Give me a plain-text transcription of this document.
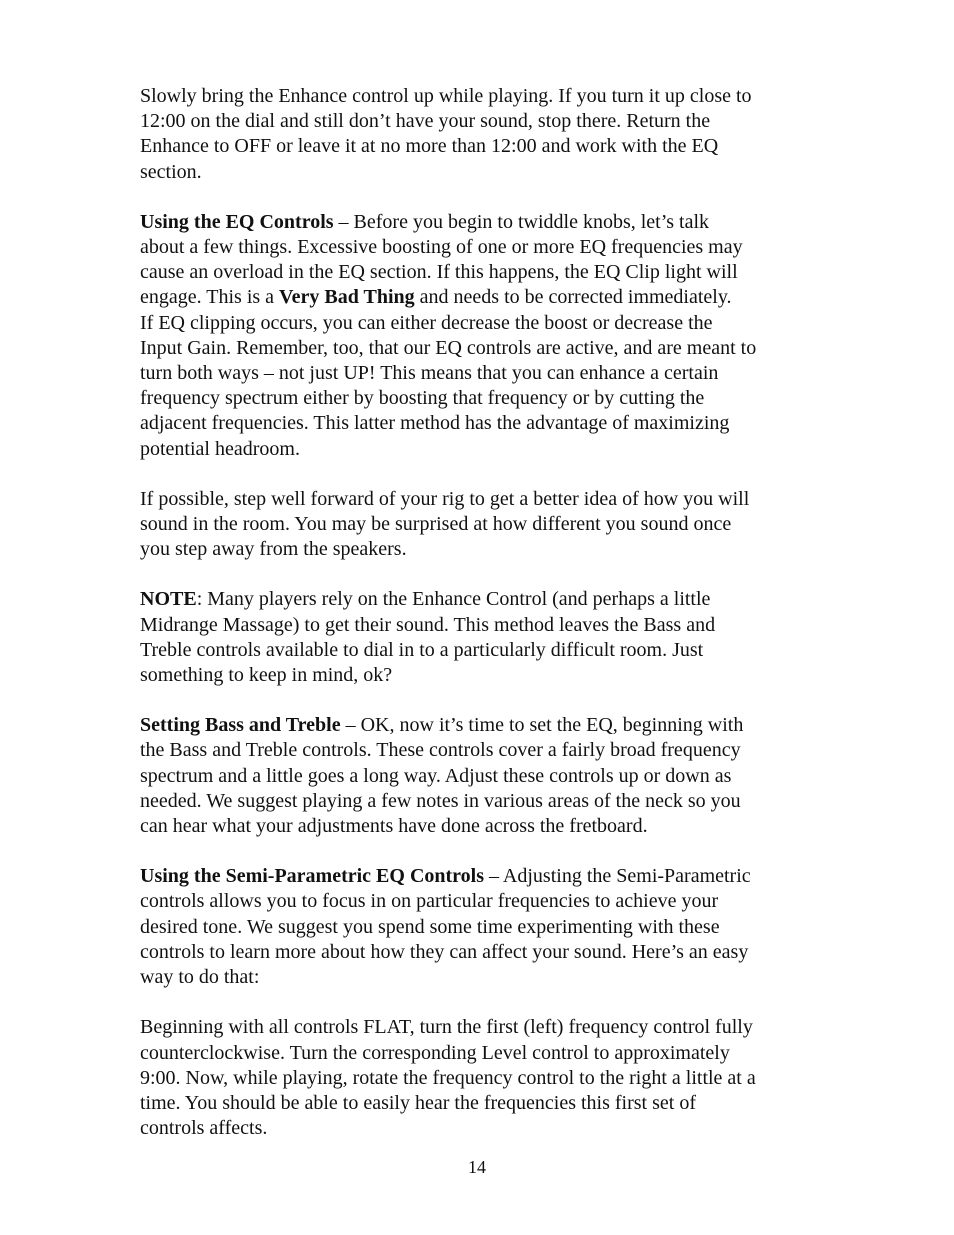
Slowly bring the Enhance control up while playing. If you turn it up close to
12:00 on the dial and still don’t have your sound, stop there. Return the
Enhance to OFF or leave it at no more than 12:00 and work with the EQ
section.

Using the EQ Controls – Before you begin to twiddle knobs, let’s talk
about a few things. Excessive boosting of one or more EQ frequencies may
cause an overload in the EQ section. If this happens, the EQ Clip light will
engage. This is a Very Bad Thing and needs to be corrected immediately.
If EQ clipping occurs, you can either decrease the boost or decrease the
Input Gain. Remember, too, that our EQ controls are active, and are meant to
turn both ways – not just UP! This means that you can enhance a certain
frequency spectrum either by boosting that frequency or by cutting the
adjacent frequencies. This latter method has the advantage of maximizing
potential headroom.

If possible, step well forward of your rig to get a better idea of how you will
sound in the room. You may be surprised at how different you sound once
you step away from the speakers.

NOTE: Many players rely on the Enhance Control (and perhaps a little
Midrange Massage) to get their sound. This method leaves the Bass and
Treble controls available to dial in to a particularly difficult room. Just
something to keep in mind, ok?

Setting Bass and Treble – OK, now it’s time to set the EQ, beginning with
the Bass and Treble controls. These controls cover a fairly broad frequency
spectrum and a little goes a long way. Adjust these controls up or down as
needed. We suggest playing a few notes in various areas of the neck so you
can hear what your adjustments have done across the fretboard.

Using the Semi-Parametric EQ Controls – Adjusting the Semi-Parametric
controls allows you to focus in on particular frequencies to achieve your
desired tone. We suggest you spend some time experimenting with these
controls to learn more about how they can affect your sound. Here’s an easy
way to do that:

Beginning with all controls FLAT, turn the first (left) frequency control fully
counterclockwise. Turn the corresponding Level control to approximately
9:00. Now, while playing, rotate the frequency control to the right a little at a
time. You should be able to easily hear the frequencies this first set of
controls affects.

14
